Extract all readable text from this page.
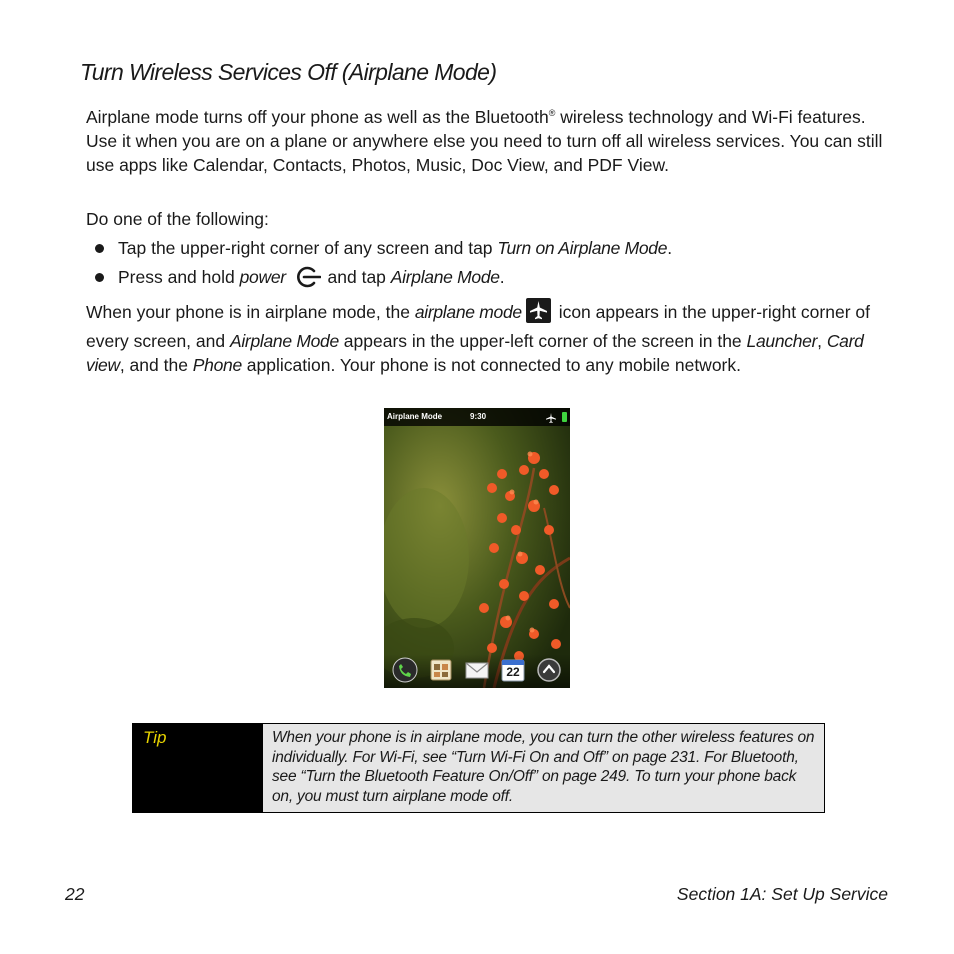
Turn Wireless Services Off (Airplane Mode)

Airplane mode turns off your phone as well as the Bluetooth® wireless technology and Wi-Fi features. Use it when you are on a plane or anywhere else you need to turn off all wireless services. You can still use apps like Calendar, Contacts, Photos, Music, Doc View, and PDF View.

Do one of the following:

Tap the upper-right corner of any screen and tap Turn on Airplane Mode.
Press and hold power  and tap Airplane Mode.

When your phone is in airplane mode, the airplane mode icon appears in the upper-right corner of every screen, and Airplane Mode appears in the upper-left corner of the screen in the Launcher, Card view, and the Phone application. Your phone is not connected to any mobile network.

Airplane Mode	9:30
22
Tip	When your phone is in airplane mode, you can turn the other wireless features on individually. For Wi-Fi, see “Turn Wi-Fi On and Off” on page 231. For Bluetooth, see “Turn the Bluetooth Feature On/Off” on page 249. To turn your phone back on, you must turn airplane mode off.
22	Section 1A: Set Up Service
